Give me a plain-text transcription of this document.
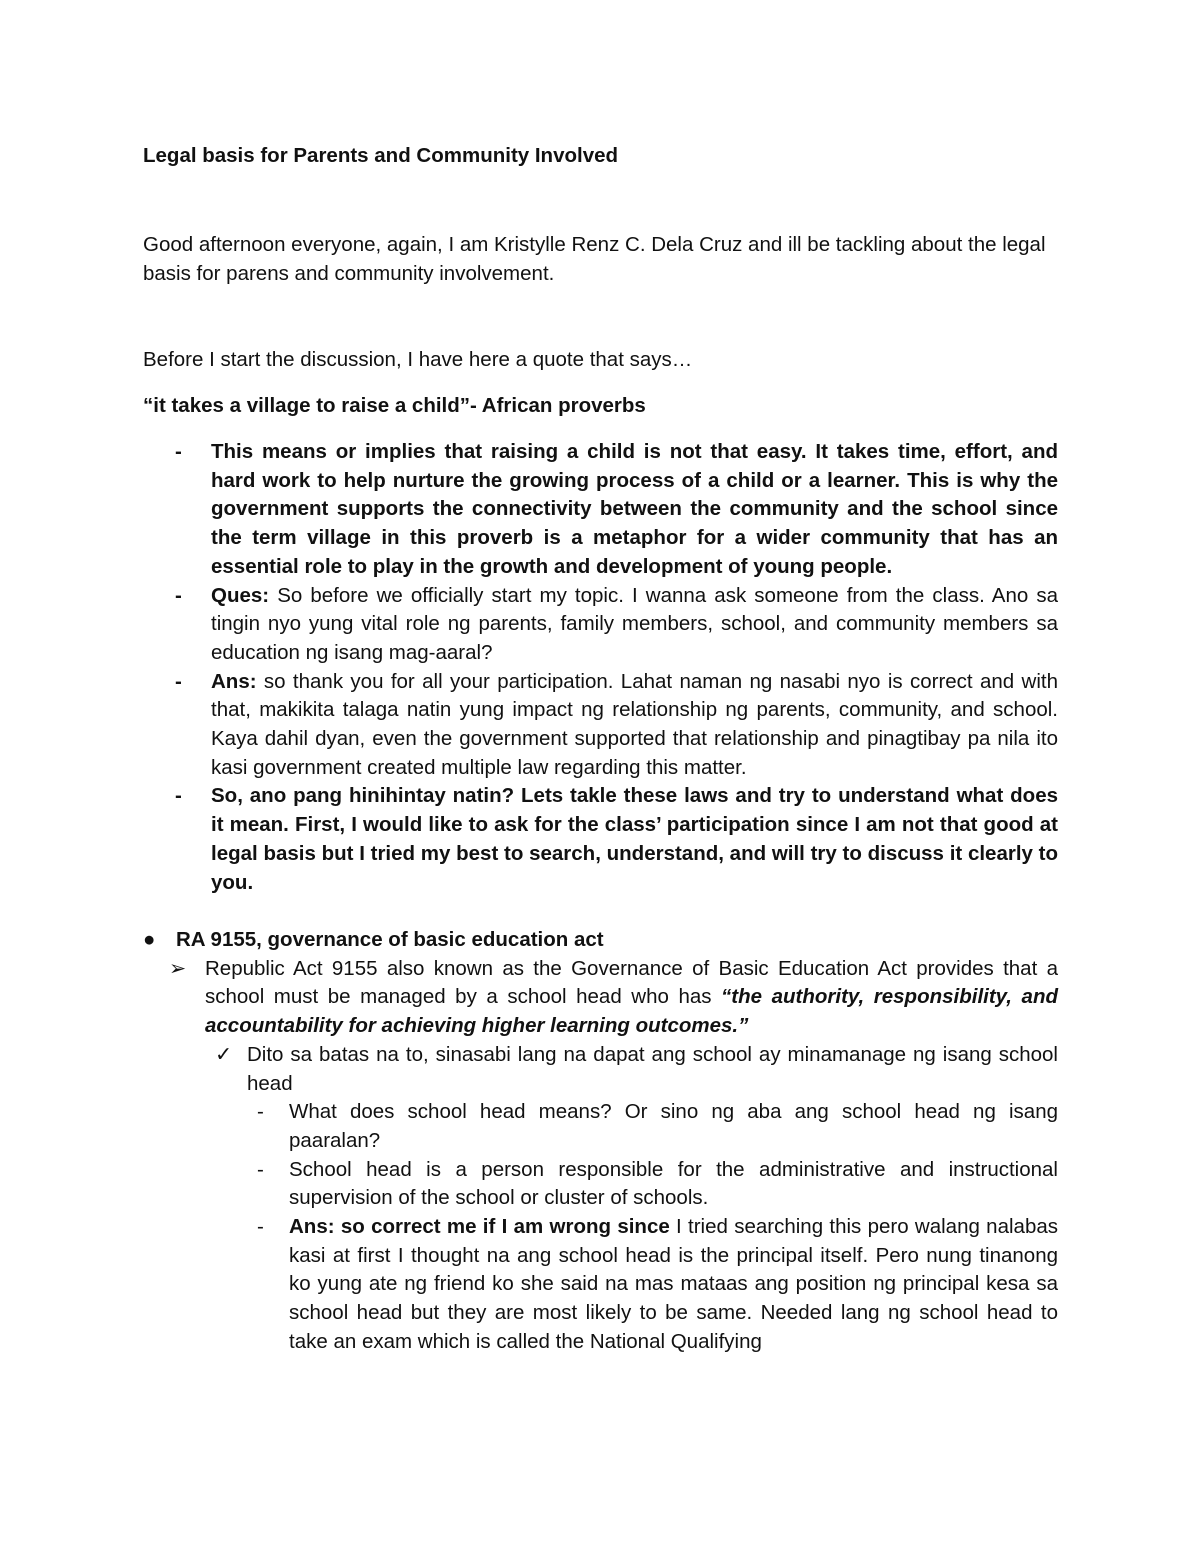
Legal basis for Parents and Community Involved
Good afternoon everyone, again, I am Kristylle Renz C. Dela Cruz and ill be tackling about the legal basis for parens and community involvement.
Before I start the discussion, I have here a quote that says…
“it takes a village to raise a child”- African proverbs
- This means or implies that raising a child is not that easy. It takes time, effort, and hard work to help nurture the growing process of a child or a learner. This is why the government supports the connectivity between the community and the school since the term village in this proverb is a metaphor for a wider community that has an essential role to play in the growth and development of young people.
- Ques: So before we officially start my topic. I wanna ask someone from the class. Ano sa tingin nyo yung vital role ng parents, family members, school, and community members sa education ng isang mag-aaral?
- Ans: so thank you for all your participation. Lahat naman ng nasabi nyo is correct and with that, makikita talaga natin yung impact ng relationship ng parents, community, and school. Kaya dahil dyan, even the government supported that relationship and pinagtibay pa nila ito kasi government created multiple law regarding this matter.
- So, ano pang hinihintay natin? Lets takle these laws and try to understand what does it mean. First, I would like to ask for the class’ participation since I am not that good at legal basis but I tried my best to search, understand, and will try to discuss it clearly to you.
● RA 9155, governance of basic education act
➢ Republic Act 9155 also known as the Governance of Basic Education Act provides that a school must be managed by a school head who has “the authority, responsibility, and accountability for achieving higher learning outcomes.”
✓ Dito sa batas na to, sinasabi lang na dapat ang school ay minamanage ng isang school head
- What does school head means? Or sino ng aba ang school head ng isang paaralan?
- School head is a person responsible for the administrative and instructional supervision of the school or cluster of schools.
- Ans: so correct me if I am wrong since I tried searching this pero walang nalabas kasi at first I thought na ang school head is the principal itself. Pero nung tinanong ko yung ate ng friend ko she said na mas mataas ang position ng principal kesa sa school head but they are most likely to be same. Needed lang ng school head to take an exam which is called the National Qualifying
